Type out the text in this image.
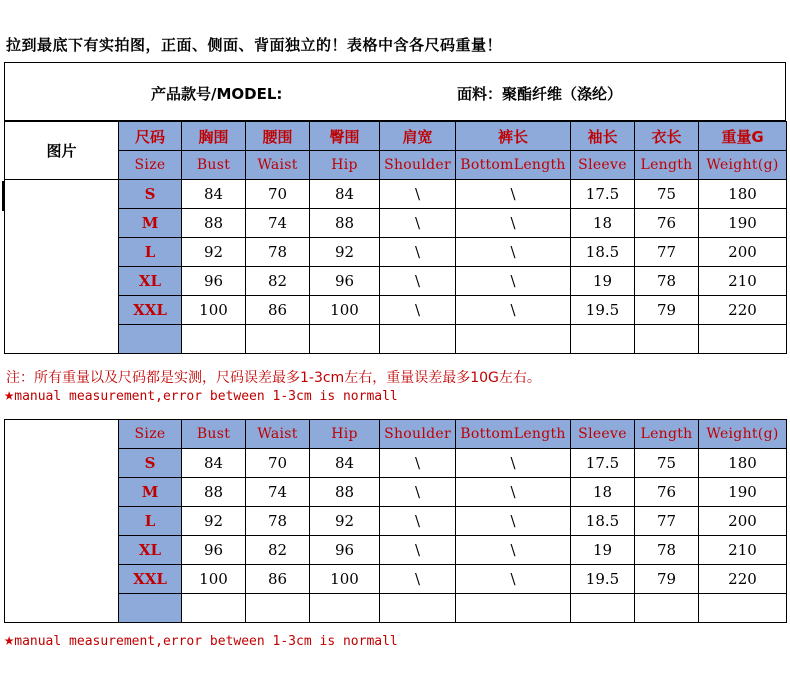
拉到最底下有实拍图，正面、侧面、背面独立的！表格中含各尺码重量！
产品款号/MODEL:	面料：聚酯纤维（涤纶）
图片	尺码	胸围	腰围	臀围	肩宽	裤长	袖长	衣长	重量G
	Size	Bust	Waist	Hip	Shoulder	BottomLength	Sleeve	Length	Weight(g)
	S	84	70	84	\	\	17.5	75	180
	M	88	74	88	\	\	18	76	190
	L	92	78	92	\	\	18.5	77	200
	XL	96	82	96	\	\	19	78	210
	XXL	100	86	100	\	\	19.5	79	220

注：所有重量以及尺码都是实测，尺码误差最多1-3cm左右，重量误差最多10G左右。
★manual measurement,error between 1-3cm is normall
	Size	Bust	Waist	Hip	Shoulder	BottomLength	Sleeve	Length	Weight(g)
	S	84	70	84	\	\	17.5	75	180
	M	88	74	88	\	\	18	76	190
	L	92	78	92	\	\	18.5	77	200
	XL	96	82	96	\	\	19	78	210
	XXL	100	86	100	\	\	19.5	79	220

★manual measurement,error between 1-3cm is normall
